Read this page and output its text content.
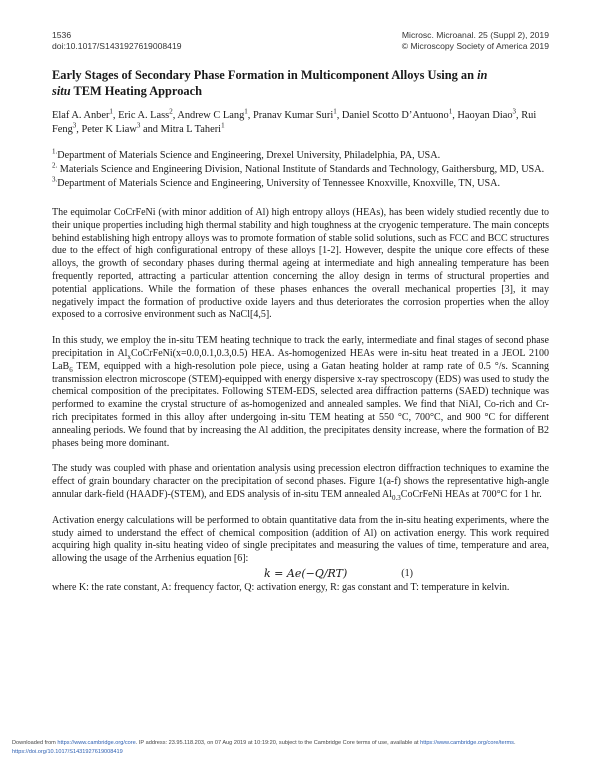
1536
doi:10.1017/S1431927619008419
Microsc. Microanal. 25 (Suppl 2), 2019
© Microscopy Society of America 2019
Early Stages of Secondary Phase Formation in Multicomponent Alloys Using an in
situ TEM Heating Approach
Elaf A. Anber$^1$, Eric A. Lass$^2$, Andrew C Lang$^1$, Pranav Kumar Suri$^1$, Daniel Scotto D’Antuono$^1$, Haoyan Diao$^3$, Rui Feng$^3$, Peter K Liaw$^3$ and Mitra L Taheri$^1$
$^{1.}$Department of Materials Science and Engineering, Drexel University, Philadelphia, PA, USA.
$^{2.}$ Materials Science and Engineering Division, National Institute of Standards and Technology, Gaithersburg, MD, USA.
$^{3.}$Department of Materials Science and Engineering, University of Tennessee Knoxville, Knoxville, TN, USA.

The equimolar CoCrFeNi (with minor addition of Al) high entropy alloys (HEAs), has been widely studied recently due to their unique properties including high thermal stability and high toughness at the cryogenic temperature. The main concepts behind establishing high entropy alloys was to promote formation of stable solid solutions, such as FCC and BCC structures due to the effect of high configurational entropy of these alloys [1-2]. However, despite the unique core effects of these alloys, the growth of secondary phases during thermal ageing at intermediate and high annealing temperature has been frequently reported, attracting a particular attention concerning the alloy design in terms of structural properties and potential applications. While the formation of these phases enhances the overall mechanical properties [3], it may negatively impact the formation of productive oxide layers and thus deteriorates the corrosion properties when the alloy exposed to a corrosive environment such as NaCl[4,5].

In this study, we employ the in-situ TEM heating technique to track the early, intermediate and final stages of second phase precipitation in $Al_xCoCrFeNi(x=0.0,0.1,0.3,0.5)$ HEA. As-homogenized HEAs were in-situ heat treated in a JEOL 2100 LaB$_6$ TEM, equipped with a high-resolution pole piece, using a Gatan heating holder at ramp rate of 0.5 °/s. Scanning transmission electron microscope (STEM)-equipped with energy dispersive x-ray spectroscopy (EDS) was used to study the chemical composition of the precipitates. Following STEM-EDS, selected area diffraction patterns (SAED) technique was performed to examine the crystal structure of as-homogenized and annealed samples. We find that NiAl, Co-rich and Cr-rich precipitates formed in this alloy after undergoing in-situ TEM heating at 550 °C, 700°C, and 900 °C for different annealing periods. We found that by increasing the Al addition, the precipitates density increase, where the formation of B2 phases being more dominant.

The study was coupled with phase and orientation analysis using precession electron diffraction techniques to examine the effect of grain boundary character on the precipitation of second phases. Figure 1(a-f) shows the representative high-angle annular dark-field (HAADF)-(STEM), and EDS analysis of in-situ TEM annealed $Al_{0.3}CoCrFeNi$ HEAs at 700°C for 1 hr.

Activation energy calculations will be performed to obtain quantitative data from the in-situ heating experiments, where the study aimed to understand the effect of chemical composition (addition of Al) on activation energy. This work required acquiring high quality in-situ heating video of single precipitates and measuring the values of time, temperature and area, allowing the usage of the Arrhenius equation [6]:

k = Ae(−Q/RT)	(1)

where K: the rate constant, A: frequency factor, Q: activation energy, R: gas constant and T: temperature in kelvin.

Downloaded from https://www.cambridge.org/core. IP address: 23.95.118.203, on 07 Aug 2019 at 10:19:20, subject to the Cambridge Core terms of use, available at https://www.cambridge.org/core/terms.
https://doi.org/10.1017/S1431927619008419
